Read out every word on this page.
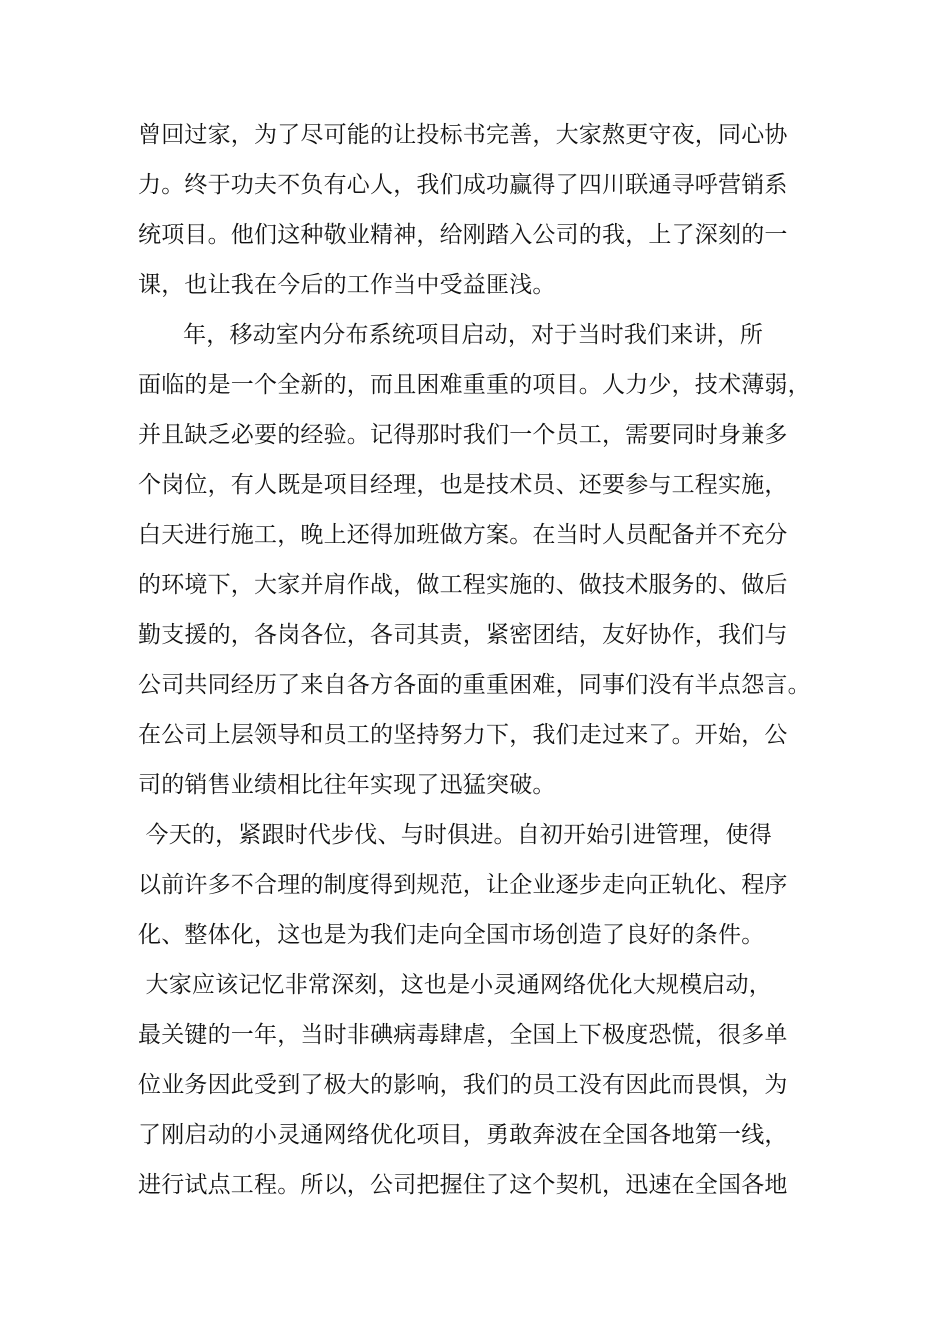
曾回过家，为了尽可能的让投标书完善，大家熬更守夜，同心协
力。终于功夫不负有心人，我们成功赢得了四川联通寻呼营销系
统项目。他们这种敬业精神，给刚踏入公司的我，上了深刻的一
课，也让我在今后的工作当中受益匪浅。
年，移动室内分布系统项目启动，对于当时我们来讲，所
面临的是一个全新的，而且困难重重的项目。人力少，技术薄弱，
并且缺乏必要的经验。记得那时我们一个员工，需要同时身兼多
个岗位，有人既是项目经理，也是技术员、还要参与工程实施，
白天进行施工，晚上还得加班做方案。在当时人员配备并不充分
的环境下，大家并肩作战，做工程实施的、做技术服务的、做后
勤支援的，各岗各位，各司其责，紧密团结，友好协作，我们与
公司共同经历了来自各方各面的重重困难，同事们没有半点怨言。
在公司上层领导和员工的坚持努力下，我们走过来了。开始，公
司的销售业绩相比往年实现了迅猛突破。
今天的，紧跟时代步伐、与时俱进。自初开始引进管理，使得
以前许多不合理的制度得到规范，让企业逐步走向正轨化、程序
化、整体化，这也是为我们走向全国市场创造了良好的条件。
大家应该记忆非常深刻，这也是小灵通网络优化大规模启动，
最关键的一年，当时非碘病毒肆虐，全国上下极度恐慌，很多单
位业务因此受到了极大的影响，我们的员工没有因此而畏惧，为
了刚启动的小灵通网络优化项目，勇敢奔波在全国各地第一线，
进行试点工程。所以，公司把握住了这个契机，迅速在全国各地
